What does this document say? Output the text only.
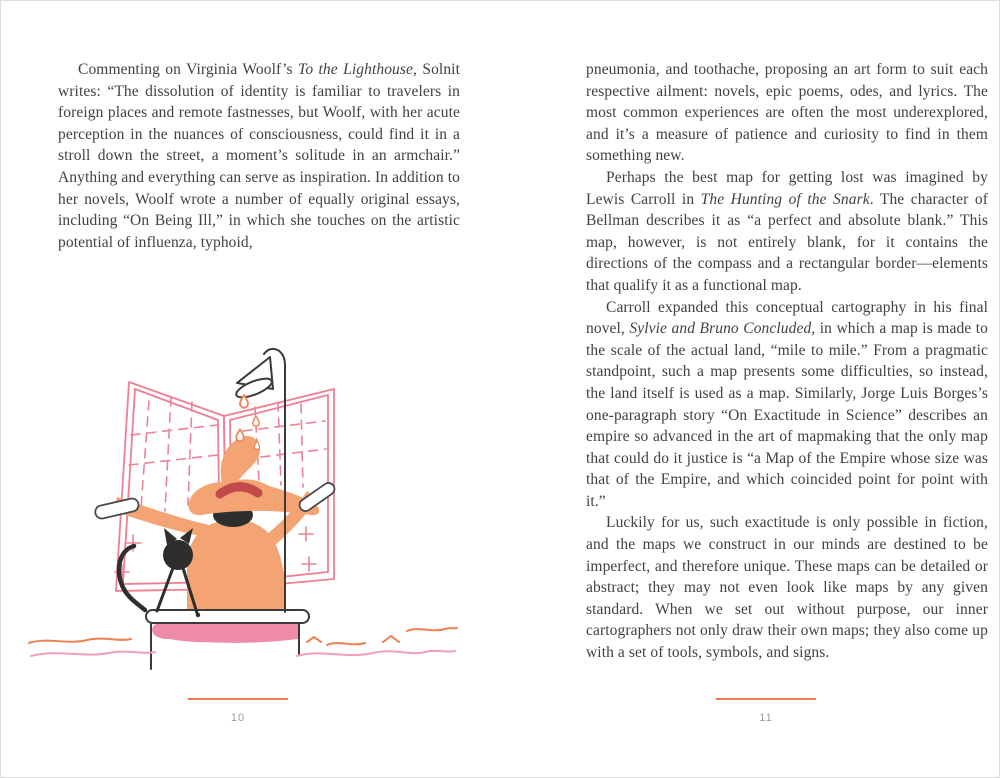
Commenting on Virginia Woolf’s To the Lighthouse, Solnit writes: “The dissolution of identity is familiar to travelers in foreign places and remote fastnesses, but Woolf, with her acute perception in the nuances of consciousness, could find it in a stroll down the street, a moment’s solitude in an armchair.” Anything and everything can serve as inspiration. In addition to her novels, Woolf wrote a number of equally original essays, including “On Being Ill,” in which she touches on the artistic potential of influenza, typhoid,

pneumonia, and toothache, proposing an art form to suit each respective ailment: novels, epic poems, odes, and lyrics. The most common experiences are often the most underexplored, and it’s a measure of patience and curiosity to find in them something new.

Perhaps the best map for getting lost was imagined by Lewis Carroll in The Hunting of the Snark. The character of Bellman describes it as “a perfect and absolute blank.” This map, however, is not entirely blank, for it contains the directions of the compass and a rectangular border—elements that qualify it as a functional map.

Carroll expanded this conceptual cartography in his final novel, Sylvie and Bruno Concluded, in which a map is made to the scale of the actual land, “mile to mile.” From a pragmatic standpoint, such a map presents some difficulties, so instead, the land itself is used as a map. Similarly, Jorge Luis Borges’s one-paragraph story “On Exactitude in Science” describes an empire so advanced in the art of mapmaking that the only map that could do it justice is “a Map of the Empire whose size was that of the Empire, and which coincided point for point with it.”

Luckily for us, such exactitude is only possible in fiction, and the maps we construct in our minds are destined to be imperfect, and therefore unique. These maps can be detailed or abstract; they may not even look like maps by any given standard. When we set out without purpose, our inner cartographers not only draw their own maps; they also come up with a set of tools, symbols, and signs.

10	11
